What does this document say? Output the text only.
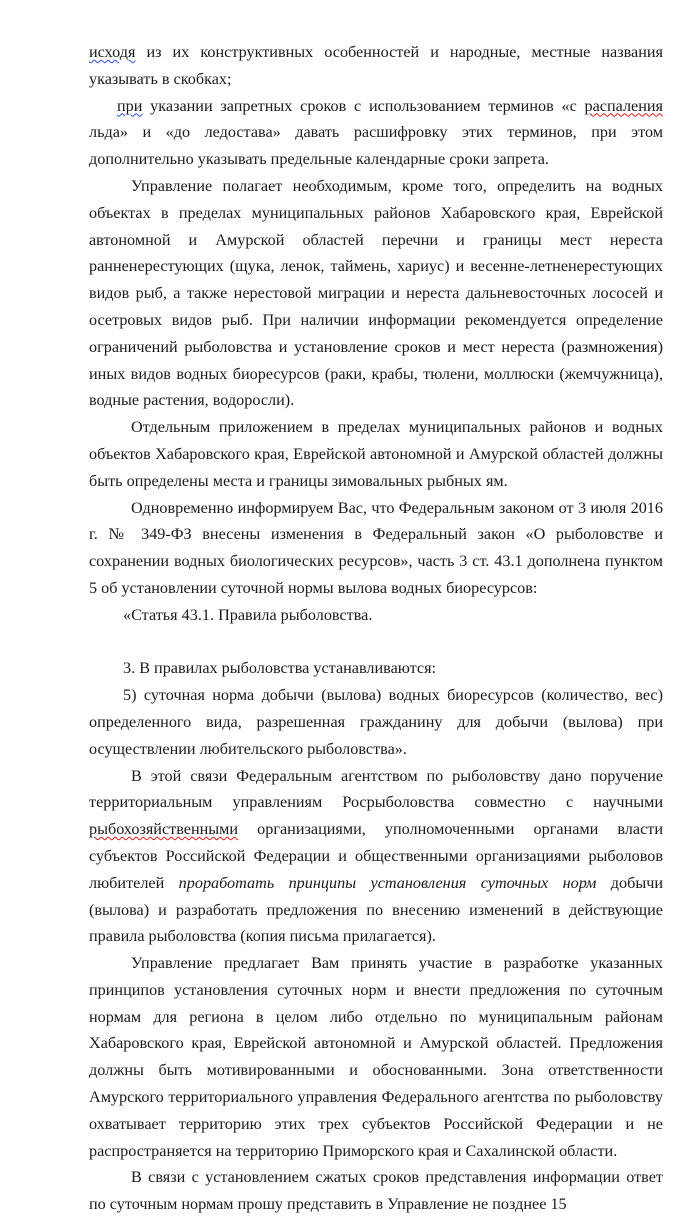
исходя из их конструктивных особенностей и народные, местные названия указывать в скобках;

при указании запретных сроков с использованием терминов «с распаления льда» и «до ледостава» давать расшифровку этих терминов, при этом дополнительно указывать предельные календарные сроки запрета.

Управление полагает необходимым, кроме того, определить на водных объектах в пределах муниципальных районов Хабаровского края, Еврейской автономной и Амурской областей перечни и границы мест нереста ранненерестующих (щука, ленок, таймень, хариус) и весенне-летненерестующих видов рыб, а также нерестовой миграции и нереста дальневосточных лососей и осетровых видов рыб. При наличии информации рекомендуется определение ограничений рыболовства и установление сроков и мест нереста (размножения) иных видов водных биоресурсов (раки, крабы, тюлени, моллюски (жемчужница), водные растения, водоросли).

Отдельным приложением в пределах муниципальных районов и водных объектов Хабаровского края, Еврейской автономной и Амурской областей должны быть определены места и границы зимовальных рыбных ям.

Одновременно информируем Вас, что Федеральным законом от 3 июля 2016 г. № 349-ФЗ внесены изменения в Федеральный закон «О рыболовстве и сохранении водных биологических ресурсов», часть 3 ст. 43.1 дополнена пунктом 5 об установлении суточной нормы вылова водных биоресурсов:

«Статья 43.1. Правила рыболовства.

3. В правилах рыболовства устанавливаются:

5) суточная норма добычи (вылова) водных биоресурсов (количество, вес) определенного вида, разрешенная гражданину для добычи (вылова) при осуществлении любительского рыболовства».

В этой связи Федеральным агентством по рыболовству дано поручение территориальным управлениям Росрыболовства совместно с научными рыбохозяйственными организациями, уполномоченными органами власти субъектов Российской Федерации и общественными организациями рыболовов любителей проработать принципы установления суточных норм добычи (вылова) и разработать предложения по внесению изменений в действующие правила рыболовства (копия письма прилагается).

Управление предлагает Вам принять участие в разработке указанных принципов установления суточных норм и внести предложения по суточным нормам для региона в целом либо отдельно по муниципальным районам Хабаровского края, Еврейской автономной и Амурской областей. Предложения должны быть мотивированными и обоснованными. Зона ответственности Амурского территориального управления Федерального агентства по рыболовству охватывает территорию этих трех субъектов Российской Федерации и не распространяется на территорию Приморского края и Сахалинской области.

В связи с установлением сжатых сроков представления информации ответ по суточным нормам прошу представить в Управление не позднее 15
